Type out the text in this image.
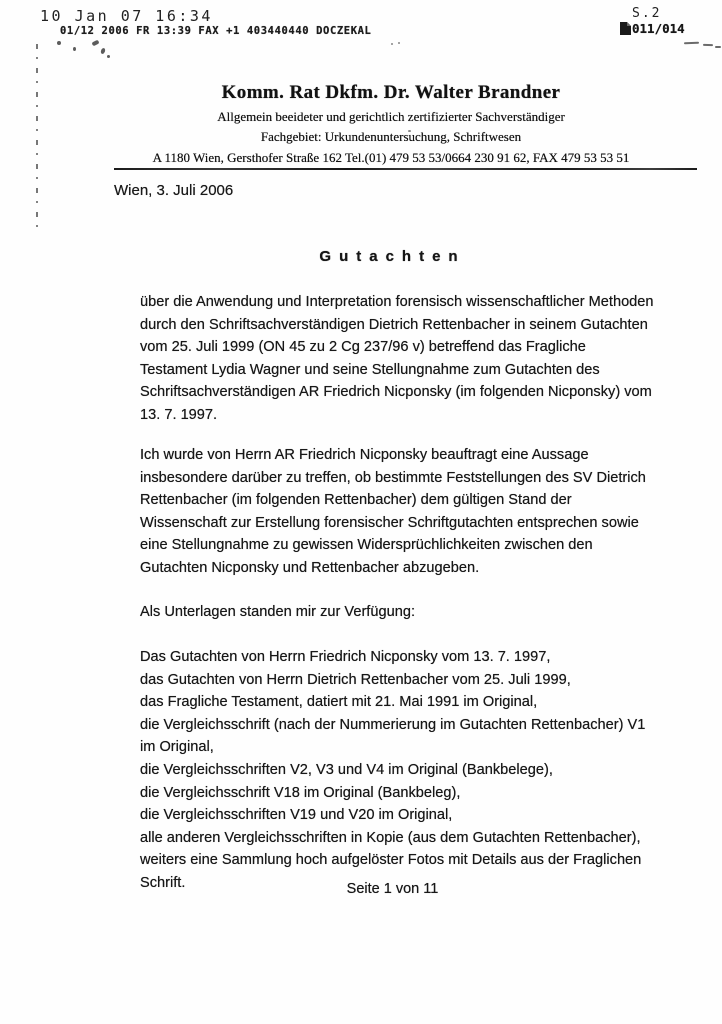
10 Jan 07 16:34
01/12 2006 FR 13:39 FAX +1 403440440 DOCZEKAL
S.2
011/014
Komm. Rat Dkfm. Dr. Walter Brandner
Allgemein beeideter und gerichtlich zertifizierter Sachverständiger
Fachgebiet: Urkundenuntersuchung, Schriftwesen
A 1180 Wien, Gersthofer Straße 162 Tel.(01) 479 53 53/0664 230 91 62, FAX 479 53 53 51
Wien, 3. Juli 2006
Gutachten
über die Anwendung und Interpretation forensisch wissenschaftlicher Methoden durch den Schriftsachverständigen Dietrich Rettenbacher in seinem Gutachten vom 25. Juli 1999 (ON 45 zu 2 Cg 237/96 v) betreffend das Fragliche Testament Lydia Wagner und seine Stellungnahme zum Gutachten des Schriftsachverständigen AR Friedrich Nicponsky (im folgenden Nicponsky) vom 13. 7. 1997.
Ich wurde von Herrn AR Friedrich Nicponsky beauftragt eine Aussage insbesondere darüber zu treffen, ob bestimmte Feststellungen des SV Dietrich Rettenbacher (im folgenden Rettenbacher) dem gültigen Stand der Wissenschaft zur Erstellung forensischer Schriftgutachten entsprechen sowie eine Stellungnahme zu gewissen Widersprüchlichkeiten zwischen den Gutachten Nicponsky und Rettenbacher abzugeben.
Als Unterlagen standen mir zur Verfügung:
Das Gutachten von Herrn Friedrich Nicponsky vom 13. 7. 1997,
das Gutachten von Herrn Dietrich Rettenbacher vom 25. Juli 1999,
das Fragliche Testament, datiert mit 21. Mai 1991 im Original,
die Vergleichsschrift (nach der Nummerierung im Gutachten Rettenbacher) V1 im Original,
die Vergleichsschriften V2, V3 und V4 im Original (Bankbelege),
die Vergleichsschrift V18 im Original (Bankbeleg),
die Vergleichsschriften V19 und V20 im Original,
alle anderen Vergleichsschriften in Kopie (aus dem Gutachten Rettenbacher),
weiters eine Sammlung hoch aufgelöster Fotos mit Details aus der Fraglichen Schrift.	Seite 1 von 11
